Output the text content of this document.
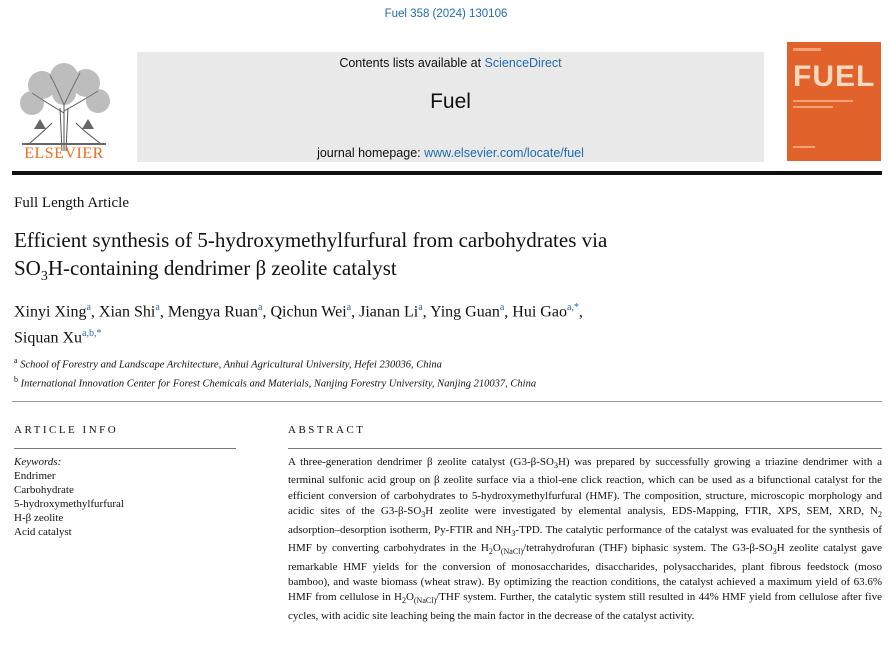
Fuel 358 (2024) 130106
ELSEVIER
Contents lists available at ScienceDirect
Fuel
journal homepage: www.elsevier.com/locate/fuel
FUEL
Full Length Article
Efficient synthesis of 5-hydroxymethylfurfural from carbohydrates via
$SO_3H$-containing dendrimer β zeolite catalyst
Xinyi Xing$^a$, Xian Shi$^a$, Mengya Ruan$^a$, Qichun Wei$^a$, Jianan Li$^a$, Ying Guan$^a$, Hui Gao$^{a,*}$,
Siquan $Xu^{a,b,*}$
$^a$ School of Forestry and Landscape Architecture, Anhui Agricultural University, Hefei 230036, China
$^b$ International Innovation Center for Forest Chemicals and Materials, Nanjing Forestry University, Nanjing 210037, China
ARTICLE INFO	ABSTRACT
Keywords:
Endrimer
Carbohydrate
5-hydroxymethylfurfural
H-β zeolite
Acid catalyst
A three-generation dendrimer β zeolite catalyst $(G3-\beta-SO_3H)$ was prepared by successfully growing a triazine dendrimer with a terminal sulfonic acid group on β zeolite surface via a thiol-ene click reaction, which can be used as a bifunctional catalyst for the efficient conversion of carbohydrates to 5-hydroxymethylfurfural (HMF). The composition, structure, microscopic morphology and acidic sites of the $G3-\beta-SO_3H$ zeolite were investigated by elemental analysis, EDS-Mapping, FTIR, XPS, SEM, XRD, $N_2$ adsorption–desorption isotherm, Py-FTIR and $NH_3$-TPD. The catalytic performance of the catalyst was evaluated for the synthesis of HMF by converting carbohydrates in the $H_2O_{(NaCl)}$/tetrahydrofuran (THF) biphasic system. The $G3-\beta-SO_3H$ zeolite catalyst gave remarkable HMF yields for the conversion of monosaccharides, disaccharides, polysaccharides, plant fibrous feedstock (moso bamboo), and waste biomass (wheat straw). By optimizing the reaction conditions, the catalyst achieved a maximum yield of 63.6% HMF from cellulose in $H_2O_{(NaCl)}$/THF system. Further, the catalytic system still resulted in 44% HMF yield from cellulose after five cycles, with acidic site leaching being the main factor in the decrease of the catalyst activity.
